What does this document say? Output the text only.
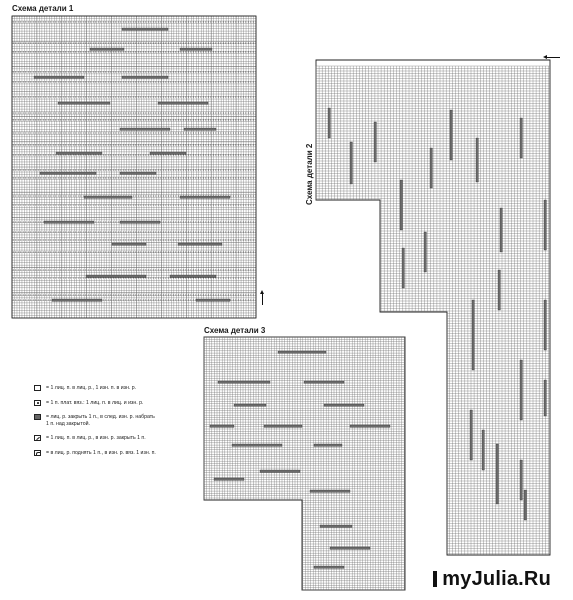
Схема детали 1
Схема детали 2
Схема детали 3
= 1 лиц. п. в лиц. р., 1 изн. п. в изн. р.
= 1 п. плат. вяз.: 1 лиц. п. в лиц. и изн. р.
= лиц. р. закрыть 1 п., в след. изн. р. набрать
1 п. над закрытой.
= 1 лиц. п. в лиц. р., в изн. р. закрыть 1 п.
= в лиц. р. поднять 1 п., в изн. р. вяз. 1 изн. п.
myJulia.Ru
